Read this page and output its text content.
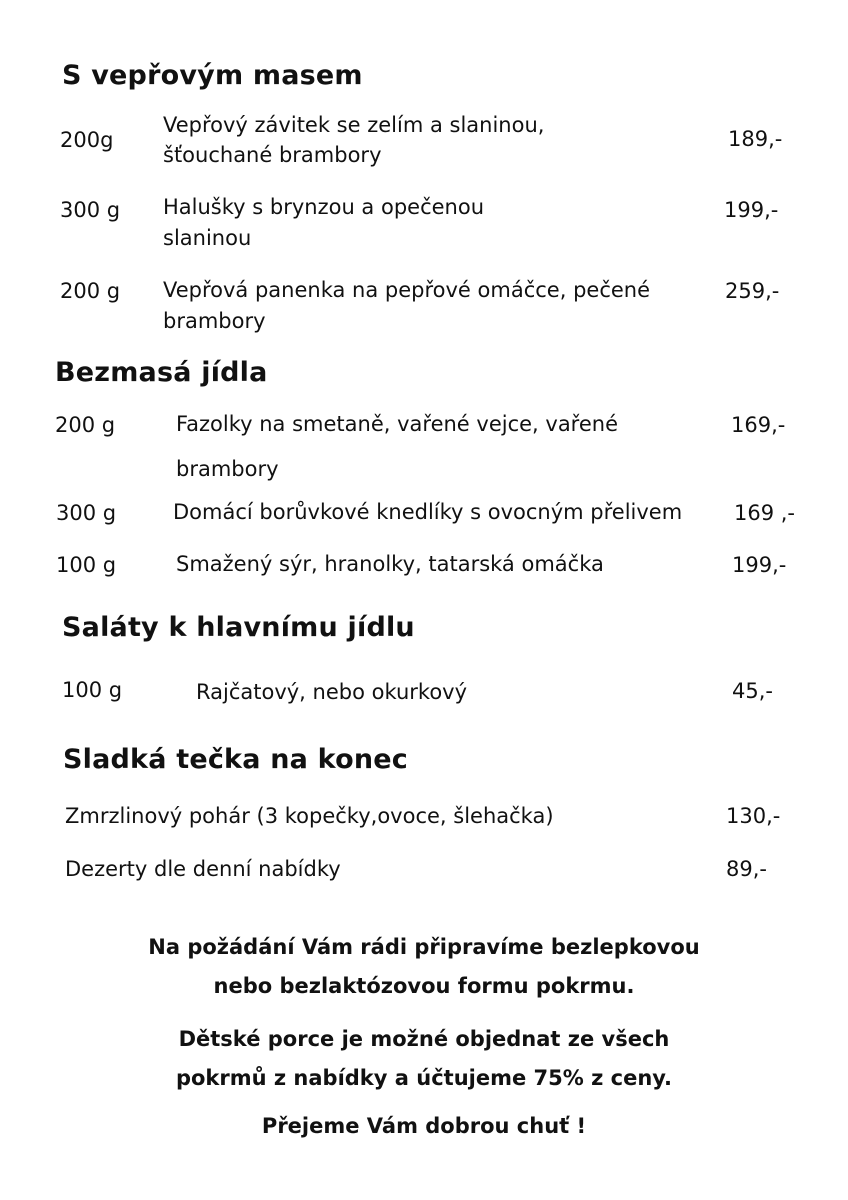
S vepřovým masem
200g
Vepřový závitek se zelím a slaninou,
šťouchané brambory
189,-
300 g Halušky s brynzou a opečenou
slaninou
199,-
200 g Vepřová panenka na pepřové omáčce, pečené
brambory
259,-
Bezmasá jídla
200 g	Fazolky na smetaně, vařené vejce, vařené
brambory
169,-
300 g	Domácí borůvkové knedlíky s ovocným přelivem 169 ,-
100 g	Smažený sýr, hranolky, tatarská omáčka	199,-
Saláty k hlavnímu jídlu
100 g	Rajčatový, nebo okurkový	45,-
Sladká tečka na konec
Zmrzlinový pohár (3 kopečky,ovoce, šlehačka)	130,-
Dezerty dle denní nabídky	89,-
Na požádání Vám rádi připravíme bezlepkovou
nebo bezlaktózovou formu pokrmu.
Dětské porce je možné objednat ze všech
pokrmů z nabídky a účtujeme 75% z ceny.
Přejeme Vám dobrou chuť !
